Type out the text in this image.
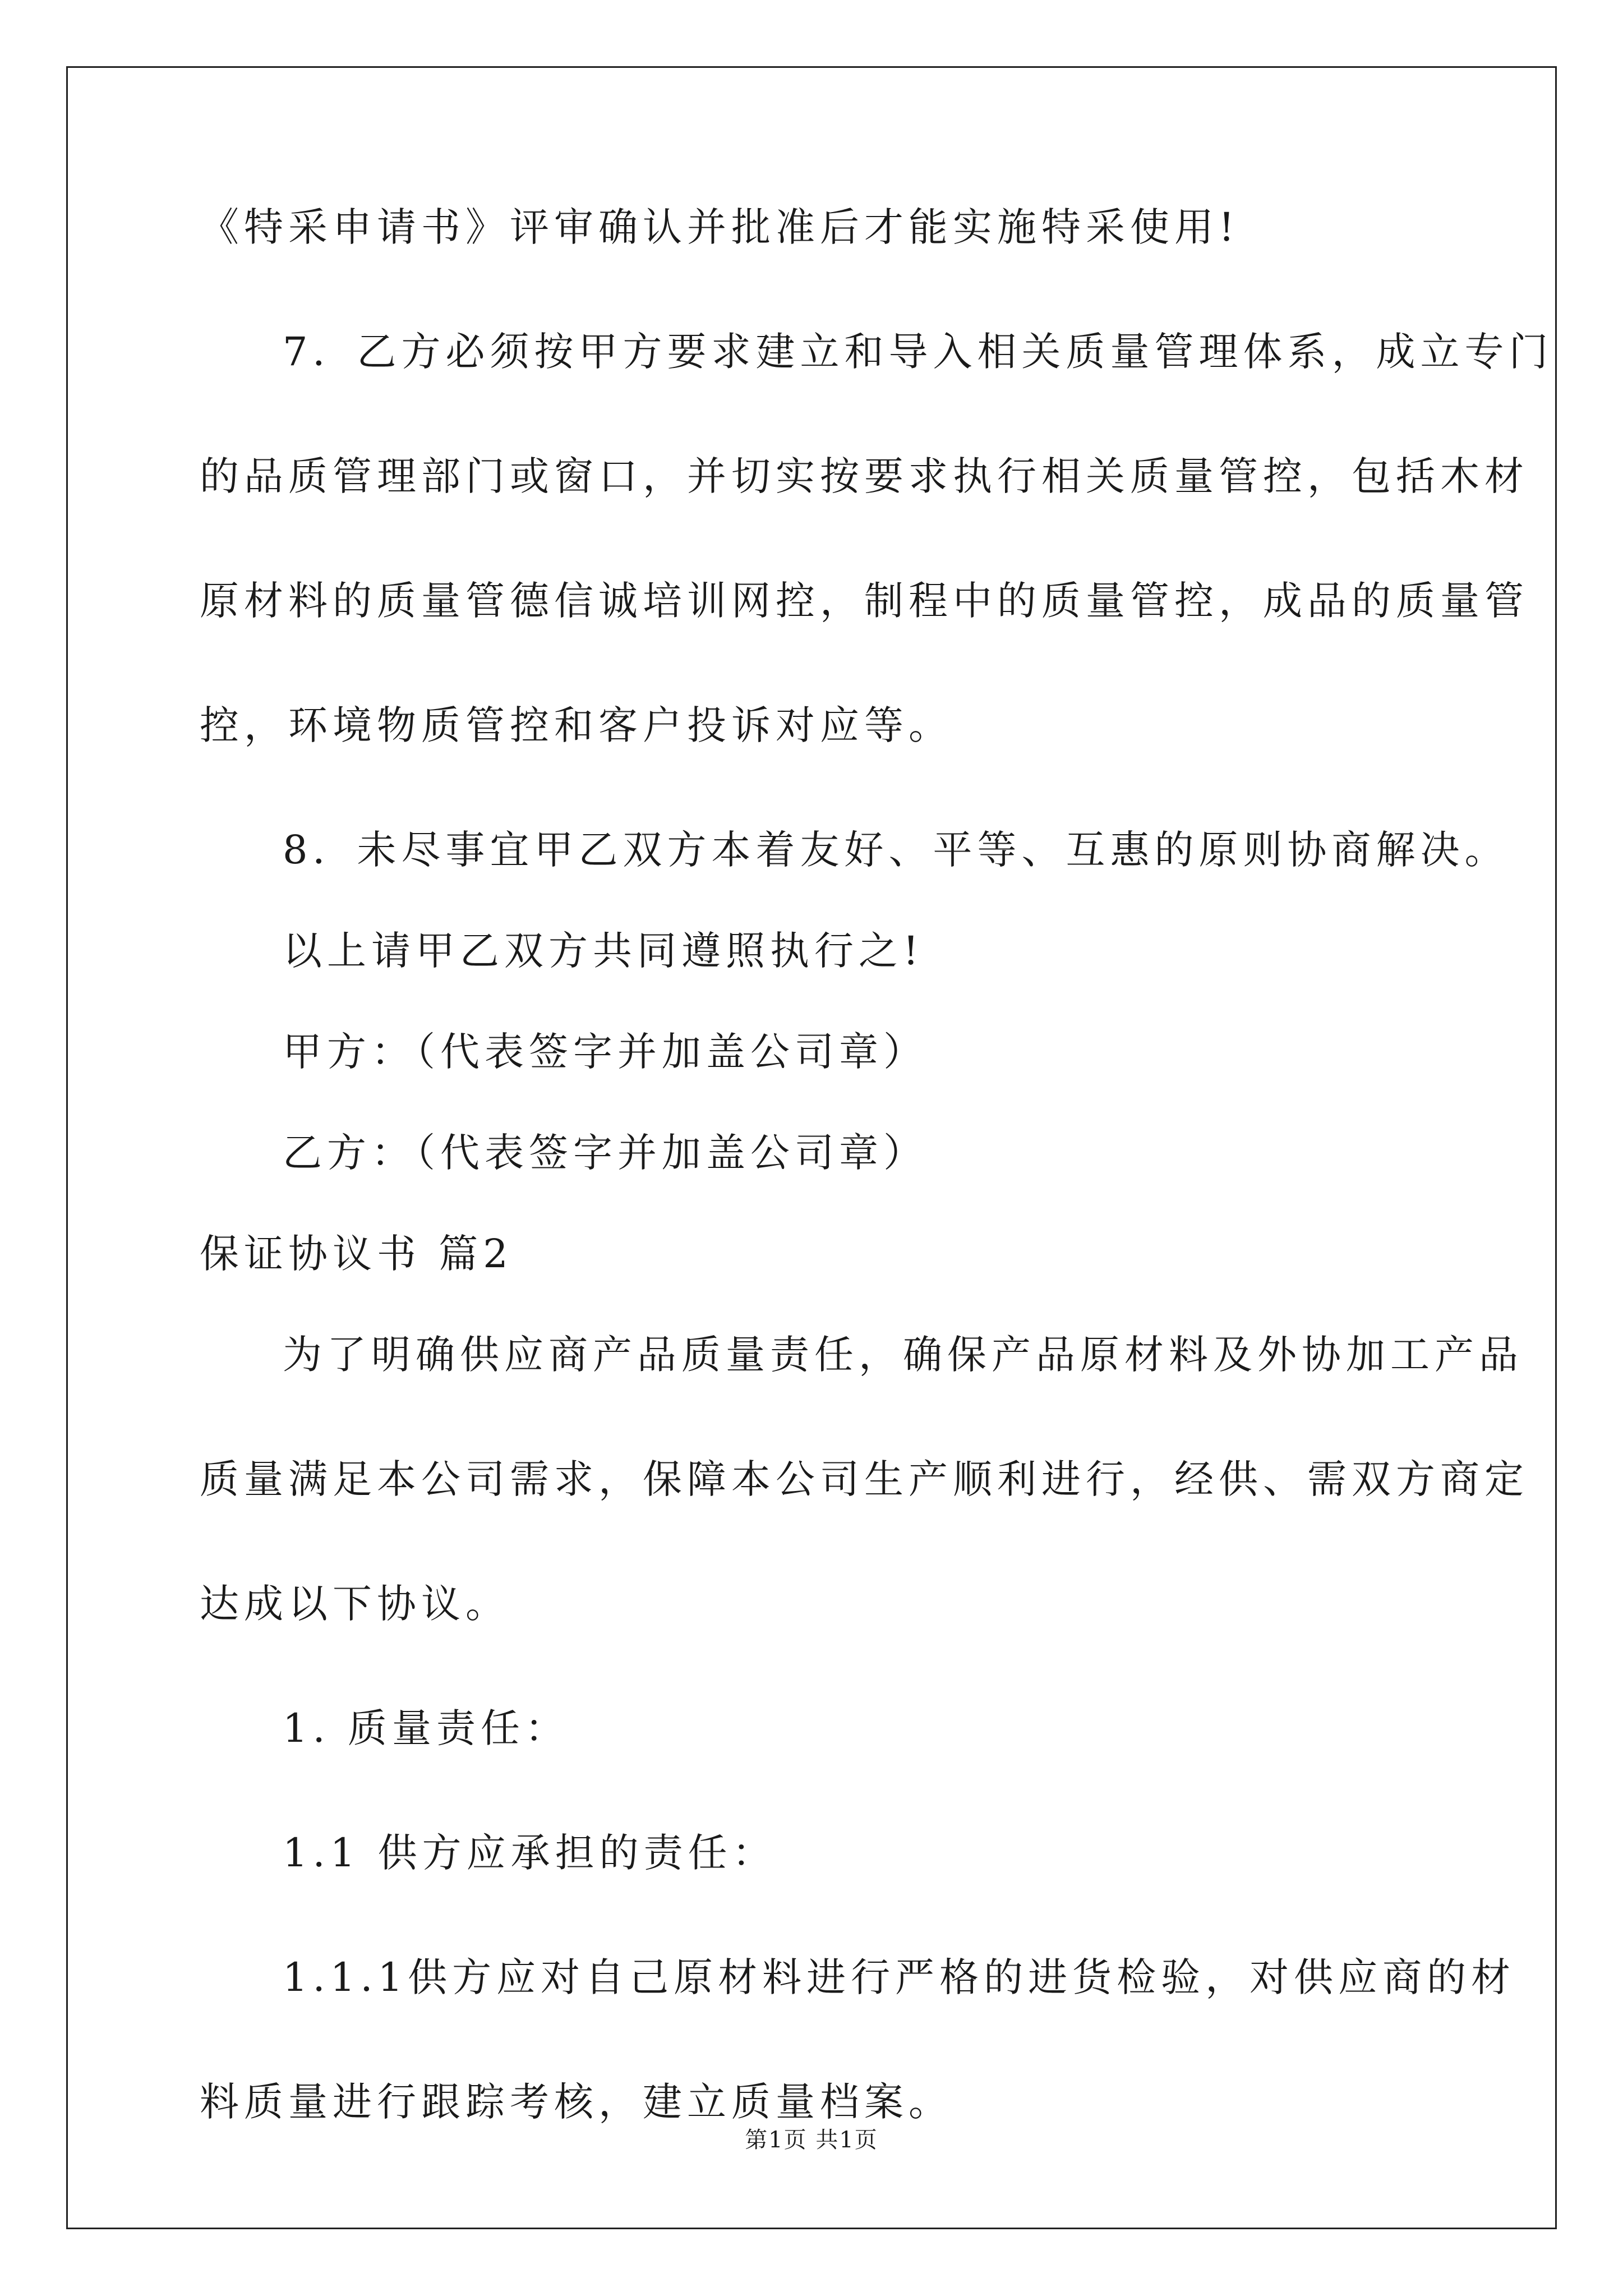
《特采申请书》评审确认并批准后才能实施特采使用!
7．乙方必须按甲方要求建立和导入相关质量管理体系，成立专门
的品质管理部门或窗口，并切实按要求执行相关质量管控，包括木材
原材料的质量管德信诚培训网控，制程中的质量管控，成品的质量管
控，环境物质管控和客户投诉对应等。
8．未尽事宜甲乙双方本着友好、平等、互惠的原则协商解决。
以上请甲乙双方共同遵照执行之!
甲方：（代表签字并加盖公司章）
乙方：（代表签字并加盖公司章）
保证协议书 篇2
为了明确供应商产品质量责任，确保产品原材料及外协加工产品
质量满足本公司需求，保障本公司生产顺利进行，经供、需双方商定
达成以下协议。
1. 质量责任：
1.1 供方应承担的责任：
1.1.1供方应对自己原材料进行严格的进货检验，对供应商的材
料质量进行跟踪考核，建立质量档案。
第1页 共1页
